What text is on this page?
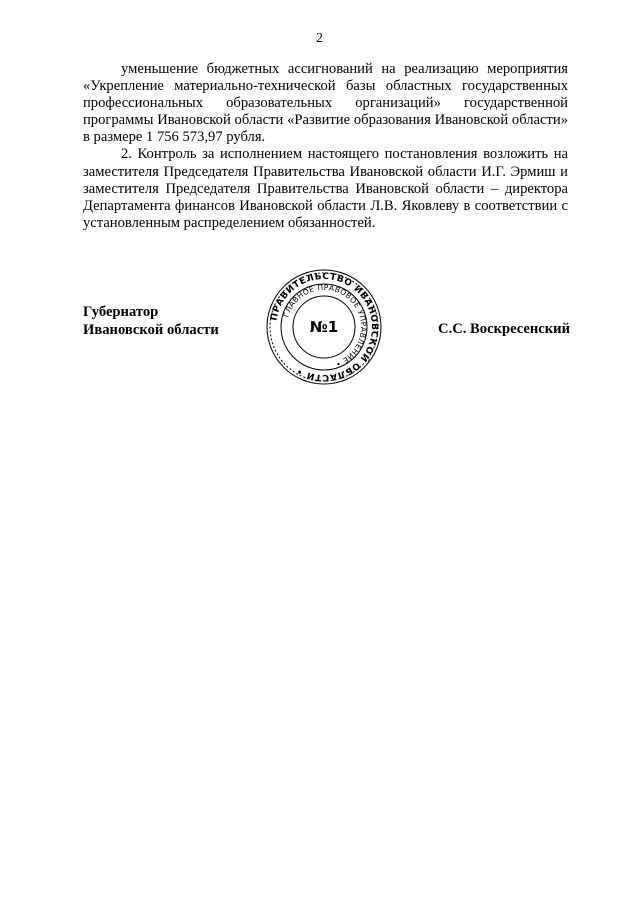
2

уменьшение бюджетных ассигнований на реализацию мероприятия «Укрепление материально-технической базы областных государственных профессиональных образовательных организаций» государственной программы Ивановской области «Развитие образования Ивановской области» в размере 1 756 573,97 рубля.

2. Контроль за исполнением настоящего постановления возложить на заместителя Председателя Правительства Ивановской области И.Г. Эрмиш и заместителя Председателя Правительства Ивановской области – директора Департамента финансов Ивановской области Л.В. Яковлеву в соответствии с установленным распределением обязанностей.

Губернатор
Ивановской области	С.С. Воскресенский
ПРАВИТЕЛЬСТВО ИВАНОВСКОЙ ОБЛАСТИ •
ГЛАВНОЕ ПРАВОВОЕ УПРАВЛЕНИЕ •
№1
